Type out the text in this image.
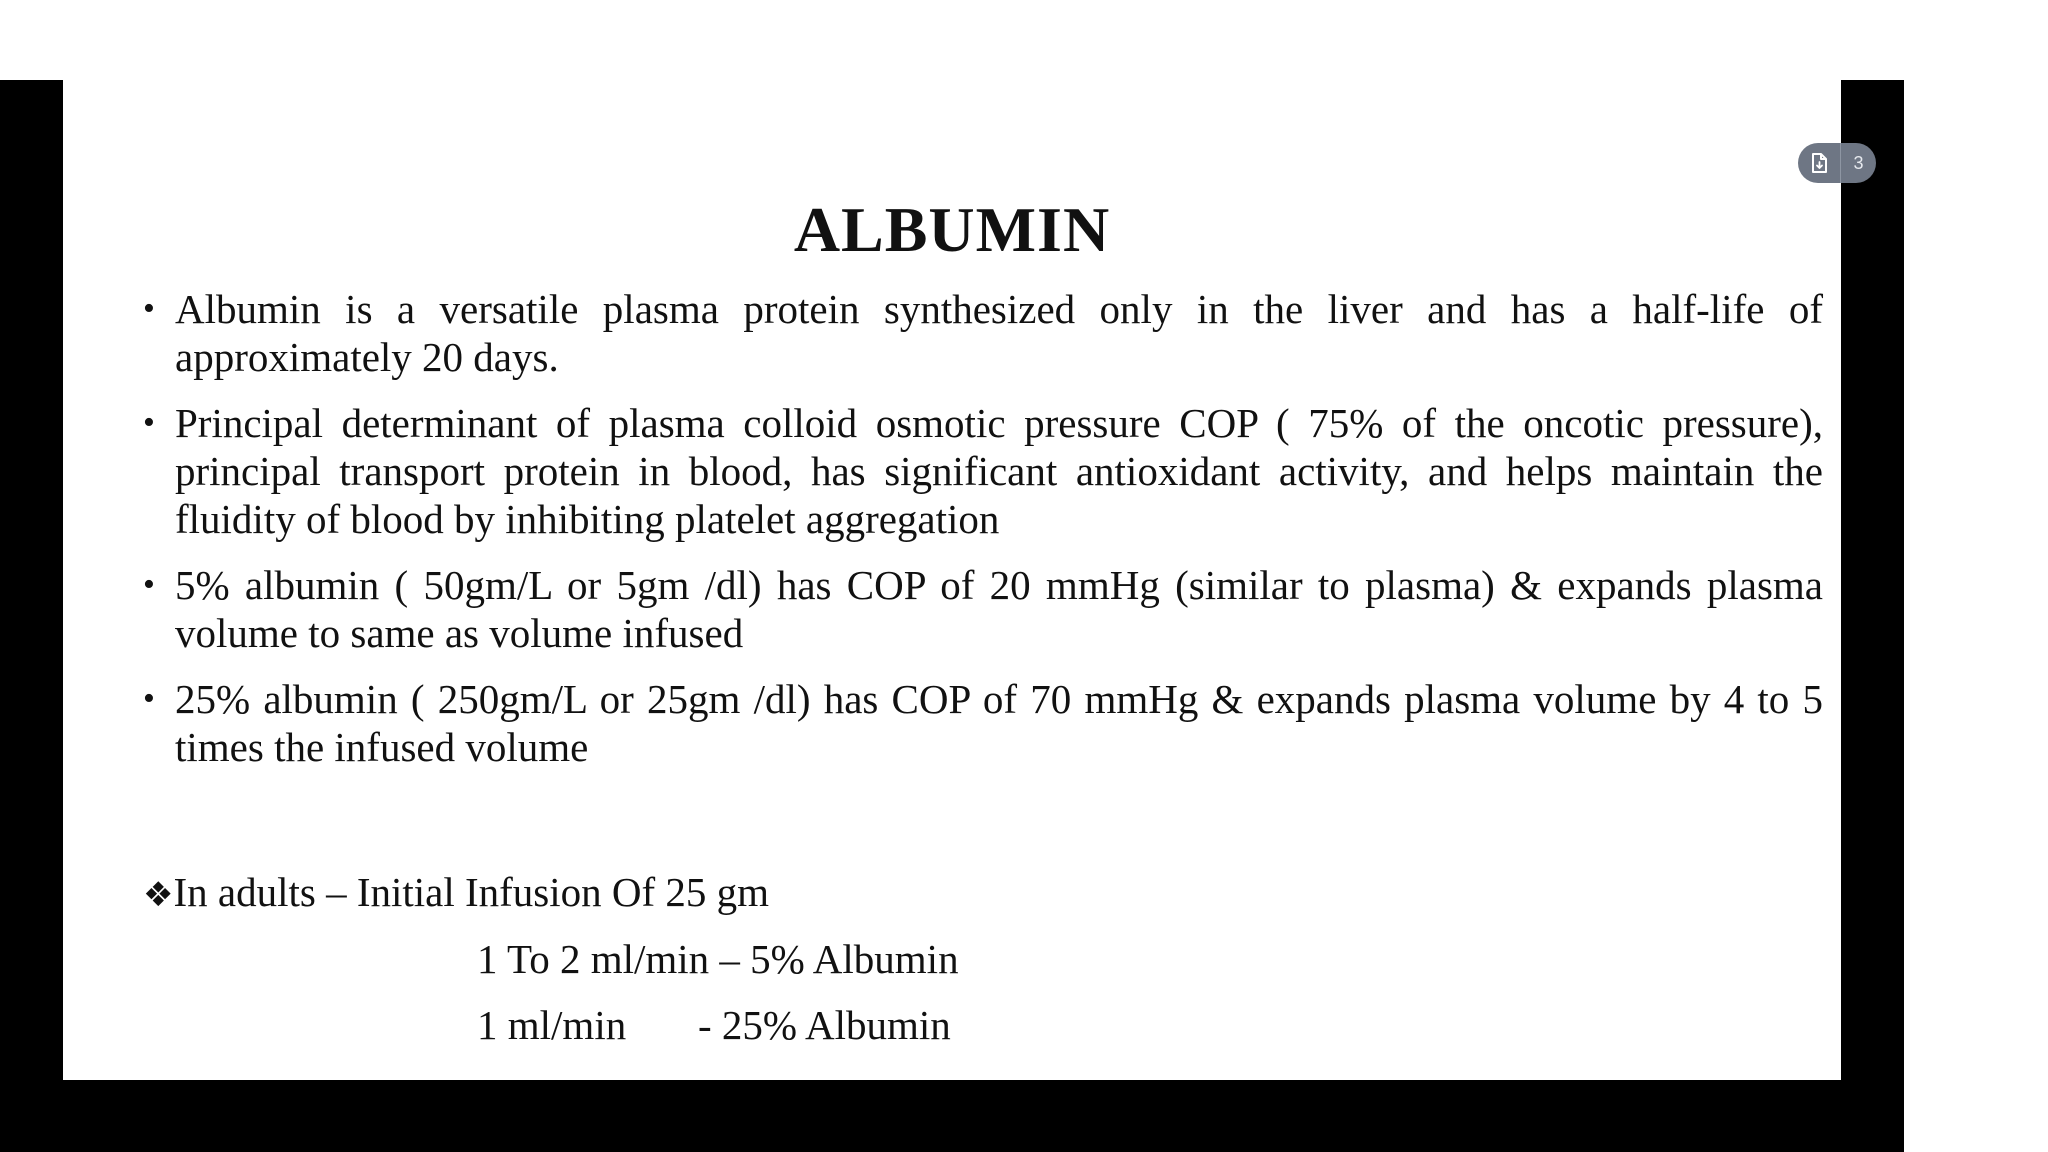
ALBUMIN
• Albumin is a versatile plasma protein synthesized only in the liver and has a half-life of approximately 20 days.
• Principal determinant of plasma colloid osmotic pressure COP ( 75% of the oncotic pressure), principal transport protein in blood, has significant antioxidant activity, and helps maintain the fluidity of blood by inhibiting platelet aggregation
• 5% albumin ( 50gm/L or 5gm /dl) has COP of 20 mmHg (similar to plasma) & expands plasma volume to same as volume infused
• 25% albumin ( 250gm/L or 25gm /dl) has COP of 70 mmHg & expands plasma volume by 4 to 5 times the infused volume
❖In adults – Initial Infusion Of 25 gm
1 To 2 ml/min – 5% Albumin
1 ml/min       - 25% Albumin
3
